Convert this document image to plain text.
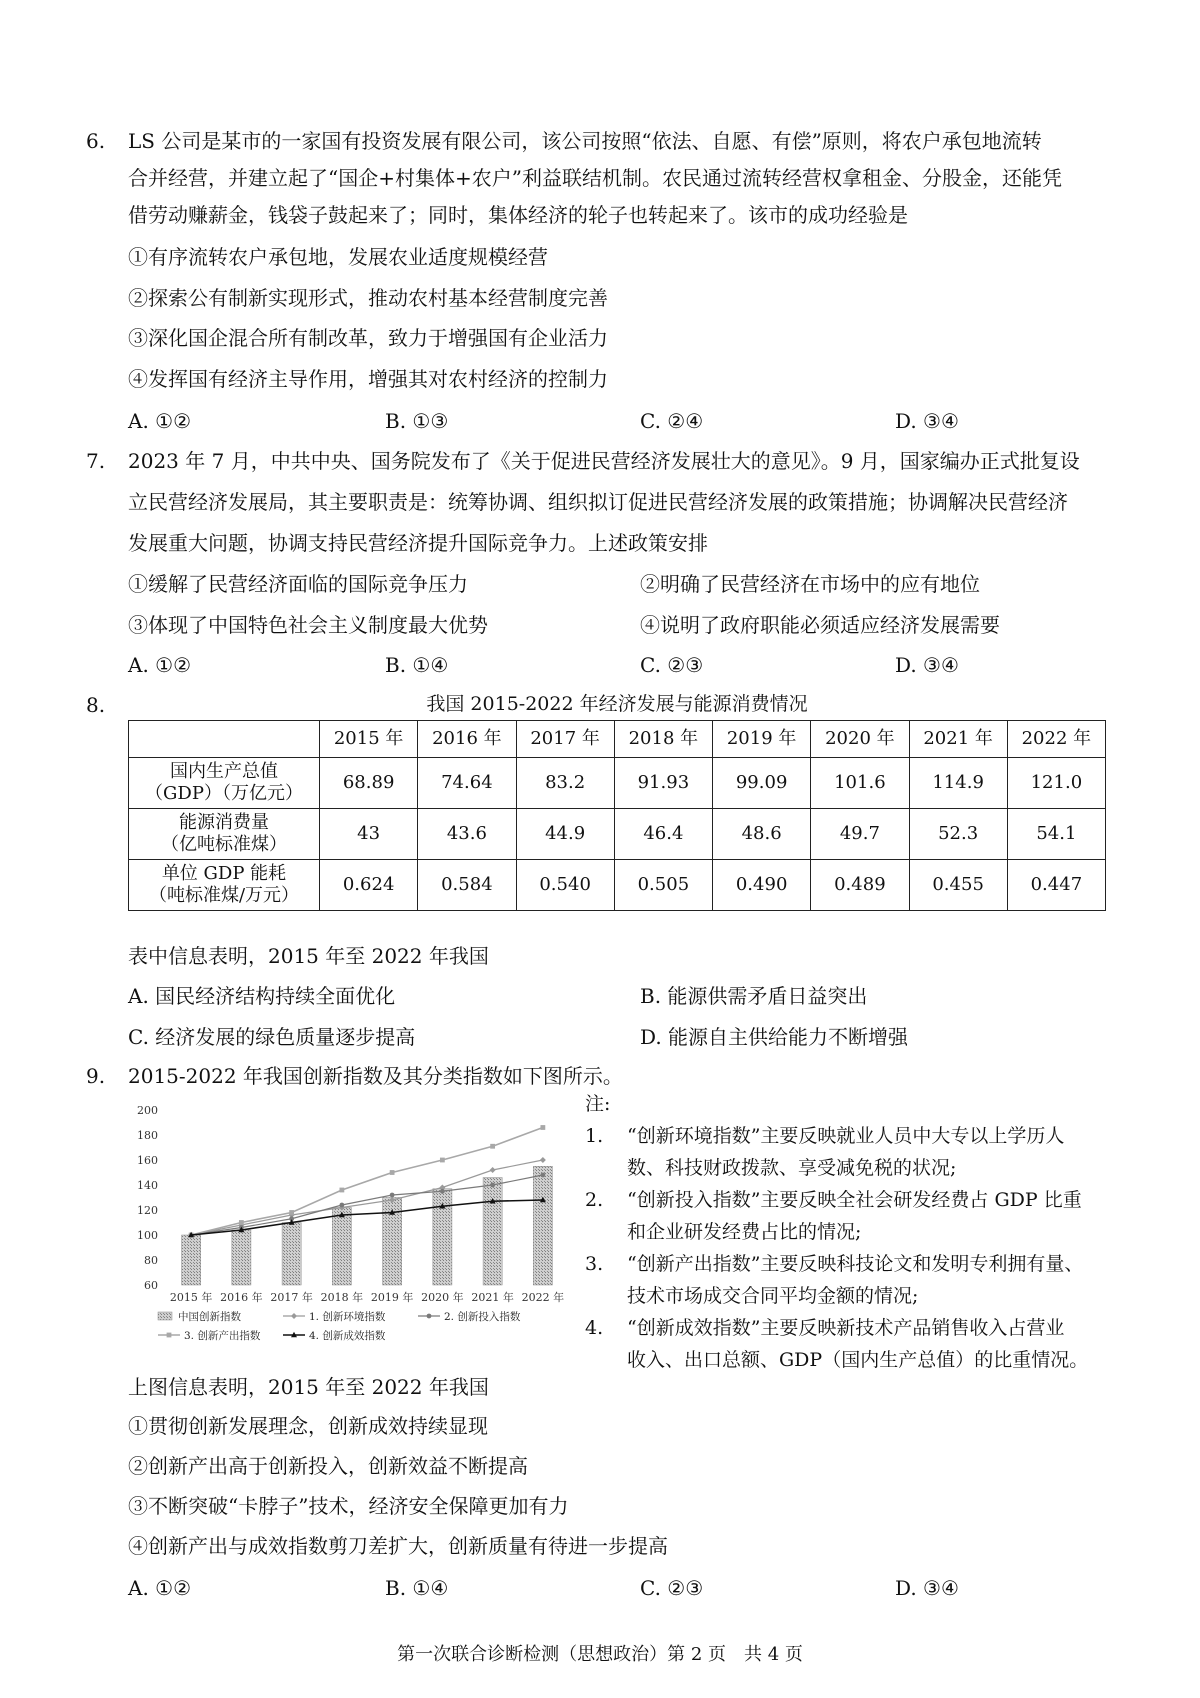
6. LS 公司是某市的一家国有投资发展有限公司，该公司按照“依法、自愿、有偿”原则，将农户承包地流转
合并经营，并建立起了“国企+村集体+农户”利益联结机制。农民通过流转经营权拿租金、分股金，还能凭
借劳动赚薪金，钱袋子鼓起来了；同时，集体经济的轮子也转起来了。该市的成功经验是
①有序流转农户承包地，发展农业适度规模经营
②探索公有制新实现形式，推动农村基本经营制度完善
③深化国企混合所有制改革，致力于增强国有企业活力
④发挥国有经济主导作用，增强其对农村经济的控制力
A. ①②	B. ①③	C. ②④	D. ③④
7. 2023 年 7 月，中共中央、国务院发布了《关于促进民营经济发展壮大的意见》。9 月，国家编办正式批复设
立民营经济发展局，其主要职责是：统筹协调、组织拟订促进民营经济发展的政策措施；协调解决民营经济
发展重大问题，协调支持民营经济提升国际竞争力。上述政策安排
①缓解了民营经济面临的国际竞争压力	②明确了民营经济在市场中的应有地位
③体现了中国特色社会主义制度最大优势	④说明了政府职能必须适应经济发展需要
A. ①②	B. ①④	C. ②③	D. ③④
8.	我国 2015-2022 年经济发展与能源消费情况
	2015 年	2016 年	2017 年	2018 年	2019 年	2020 年	2021 年	2022 年

国内生产总值
（GDP）（万亿元）	68.89	74.64	83.2	91.93	99.09	101.6	114.9	121.0

能源消费量
（亿吨标准煤）	43	43.6	44.9	46.4	48.6	49.7	52.3	54.1

单位 GDP 能耗
（吨标准煤/万元）	0.624	0.584	0.540	0.505	0.490	0.489	0.455	0.447
表中信息表明，2015 年至 2022 年我国
A. 国民经济结构持续全面优化	B. 能源供需矛盾日益突出
C. 经济发展的绿色质量逐步提高	D. 能源自主供给能力不断增强
9. 2015-2022 年我国创新指数及其分类指数如下图所示。
60
80
100
120
140
160
180
200
2015 年 2016 年 2017 年 2018 年 2019 年 2020 年 2021 年 2022 年
中国创新指数	1. 创新环境指数	2. 创新投入指数
3. 创新产出指数	4. 创新成效指数
注:
1. “创新环境指数”主要反映就业人员中大专以上学历人
数、科技财政拨款、享受减免税的状况;
2. “创新投入指数”主要反映全社会研发经费占 GDP 比重
和企业研发经费占比的情况;
3. “创新产出指数”主要反映科技论文和发明专利拥有量、
技术市场成交合同平均金额的情况;
4. “创新成效指数”主要反映新技术产品销售收入占营业
收入、出口总额、GDP（国内生产总值）的比重情况。
上图信息表明，2015 年至 2022 年我国
①贯彻创新发展理念，创新成效持续显现
②创新产出高于创新投入，创新效益不断提高
③不断突破“卡脖子”技术，经济安全保障更加有力
④创新产出与成效指数剪刀差扩大，创新质量有待进一步提高
A. ①②	B. ①④	C. ②③	D. ③④
第一次联合诊断检测（思想政治）第 2 页　共 4 页
